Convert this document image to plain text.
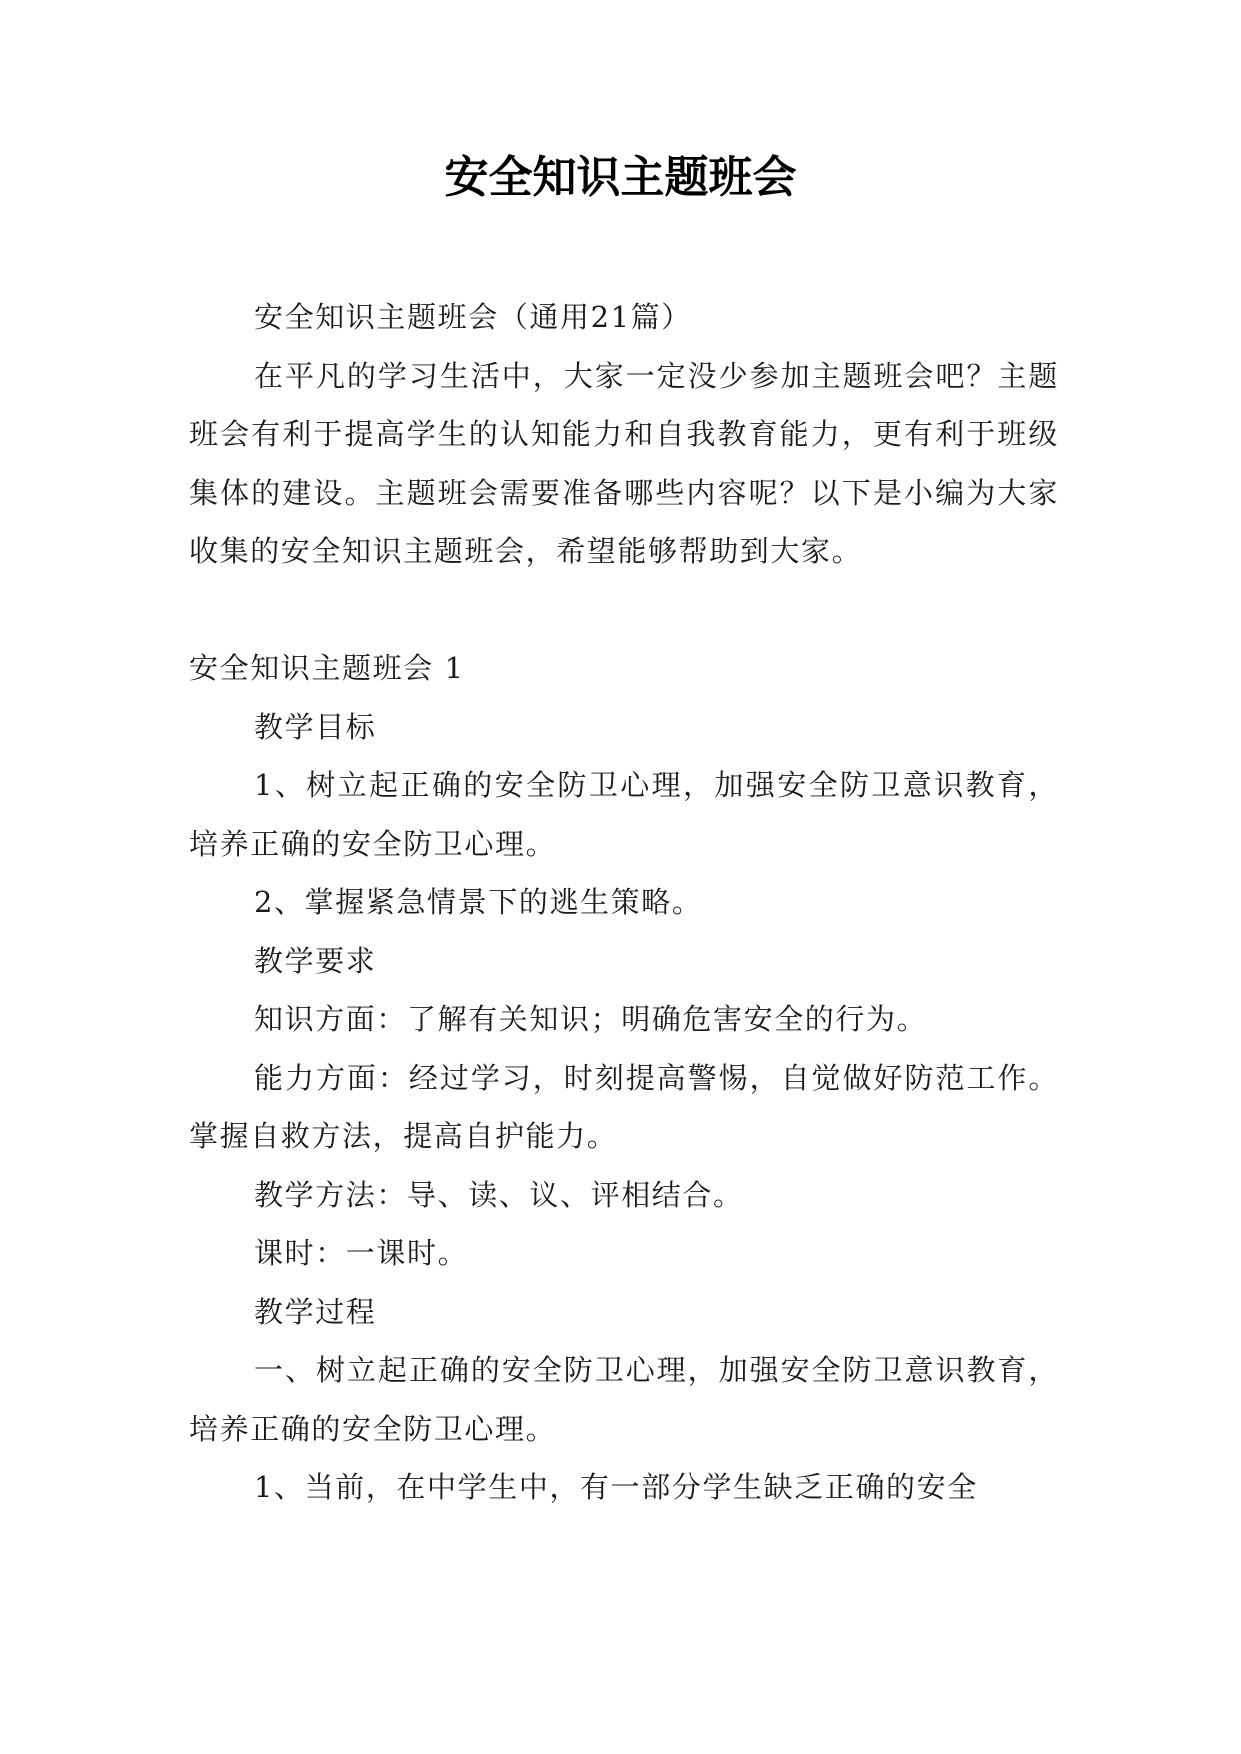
安全知识主题班会

安全知识主题班会（通用21篇）

在平凡的学习生活中，大家一定没少参加主题班会吧？主题班会有利于提高学生的认知能力和自我教育能力，更有利于班级集体的建设。主题班会需要准备哪些内容呢？以下是小编为大家收集的安全知识主题班会，希望能够帮助到大家。

安全知识主题班会 1

教学目标

1、树立起正确的安全防卫心理，加强安全防卫意识教育，培养正确的安全防卫心理。

2、掌握紧急情景下的逃生策略。

教学要求

知识方面：了解有关知识；明确危害安全的行为。

能力方面：经过学习，时刻提高警惕，自觉做好防范工作。掌握自救方法，提高自护能力。

教学方法：导、读、议、评相结合。

课时：一课时。

教学过程

一、树立起正确的安全防卫心理，加强安全防卫意识教育，培养正确的安全防卫心理。

1、当前，在中学生中，有一部分学生缺乏正确的安全
